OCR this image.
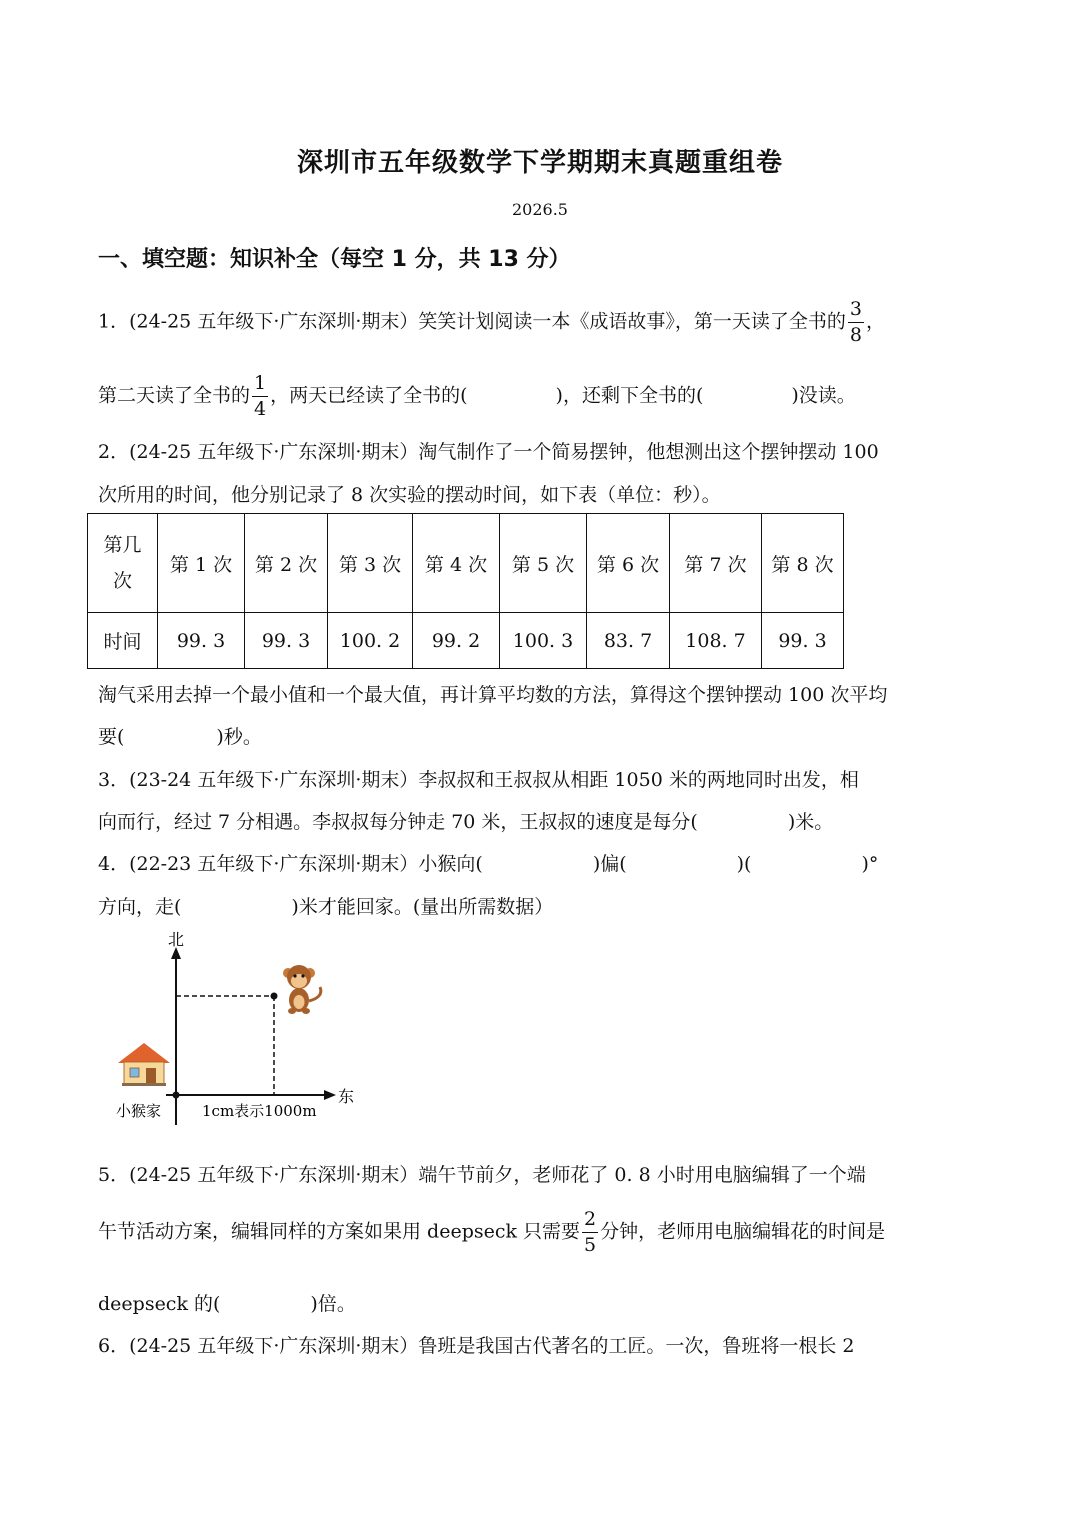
深圳市五年级数学下学期期末真题重组卷
2026.5
一、填空题：知识补全（每空 1 分，共 13 分）
1．(24-25 五年级下·广东深圳·期末）笑笑计划阅读一本《成语故事》，第一天读了全书的 $\frac{3}{8}$ ，
第二天读了全书的 $\frac{1}{4}$ ，两天已经读了全书的(	)，还剩下全书的(	)没读。
2．(24-25 五年级下·广东深圳·期末）淘气制作了一个简易摆钟，他想测出这个摆钟摆动 100
次所用的时间，他分别记录了 8 次实验的摆动时间，如下表（单位：秒）。
第几
次	第 1 次	第 2 次	第 3 次	第 4 次	第 5 次	第 6 次	第 7 次	第 8 次
时间	99. 3	99. 3	100. 2	99. 2	100. 3	83. 7	108. 7	99. 3
淘气采用去掉一个最小值和一个最大值，再计算平均数的方法，算得这个摆钟摆动 100 次平均
要(	)秒。
3．(23-24 五年级下·广东深圳·期末）李叔叔和王叔叔从相距 1050 米的两地同时出发，相
向而行，经过 7 分相遇。李叔叔每分钟走 70 米，王叔叔的速度是每分(	)米。
4．(22-23 五年级下·广东深圳·期末）小猴向(	)偏(	)(	)°
方向，走(	)米才能回家。(量出所需数据）
北
东
小猴家	1cm表示1000m
5．(24-25 五年级下·广东深圳·期末）端午节前夕，老师花了 0. 8 小时用电脑编辑了一个端
午节活动方案，编辑同样的方案如果用 deepseck 只需要 $\frac{2}{5}$ 分钟，老师用电脑编辑花的时间是
deepseck 的(	)倍。
6．(24-25 五年级下·广东深圳·期末）鲁班是我国古代著名的工匠。一次，鲁班将一根长 2
